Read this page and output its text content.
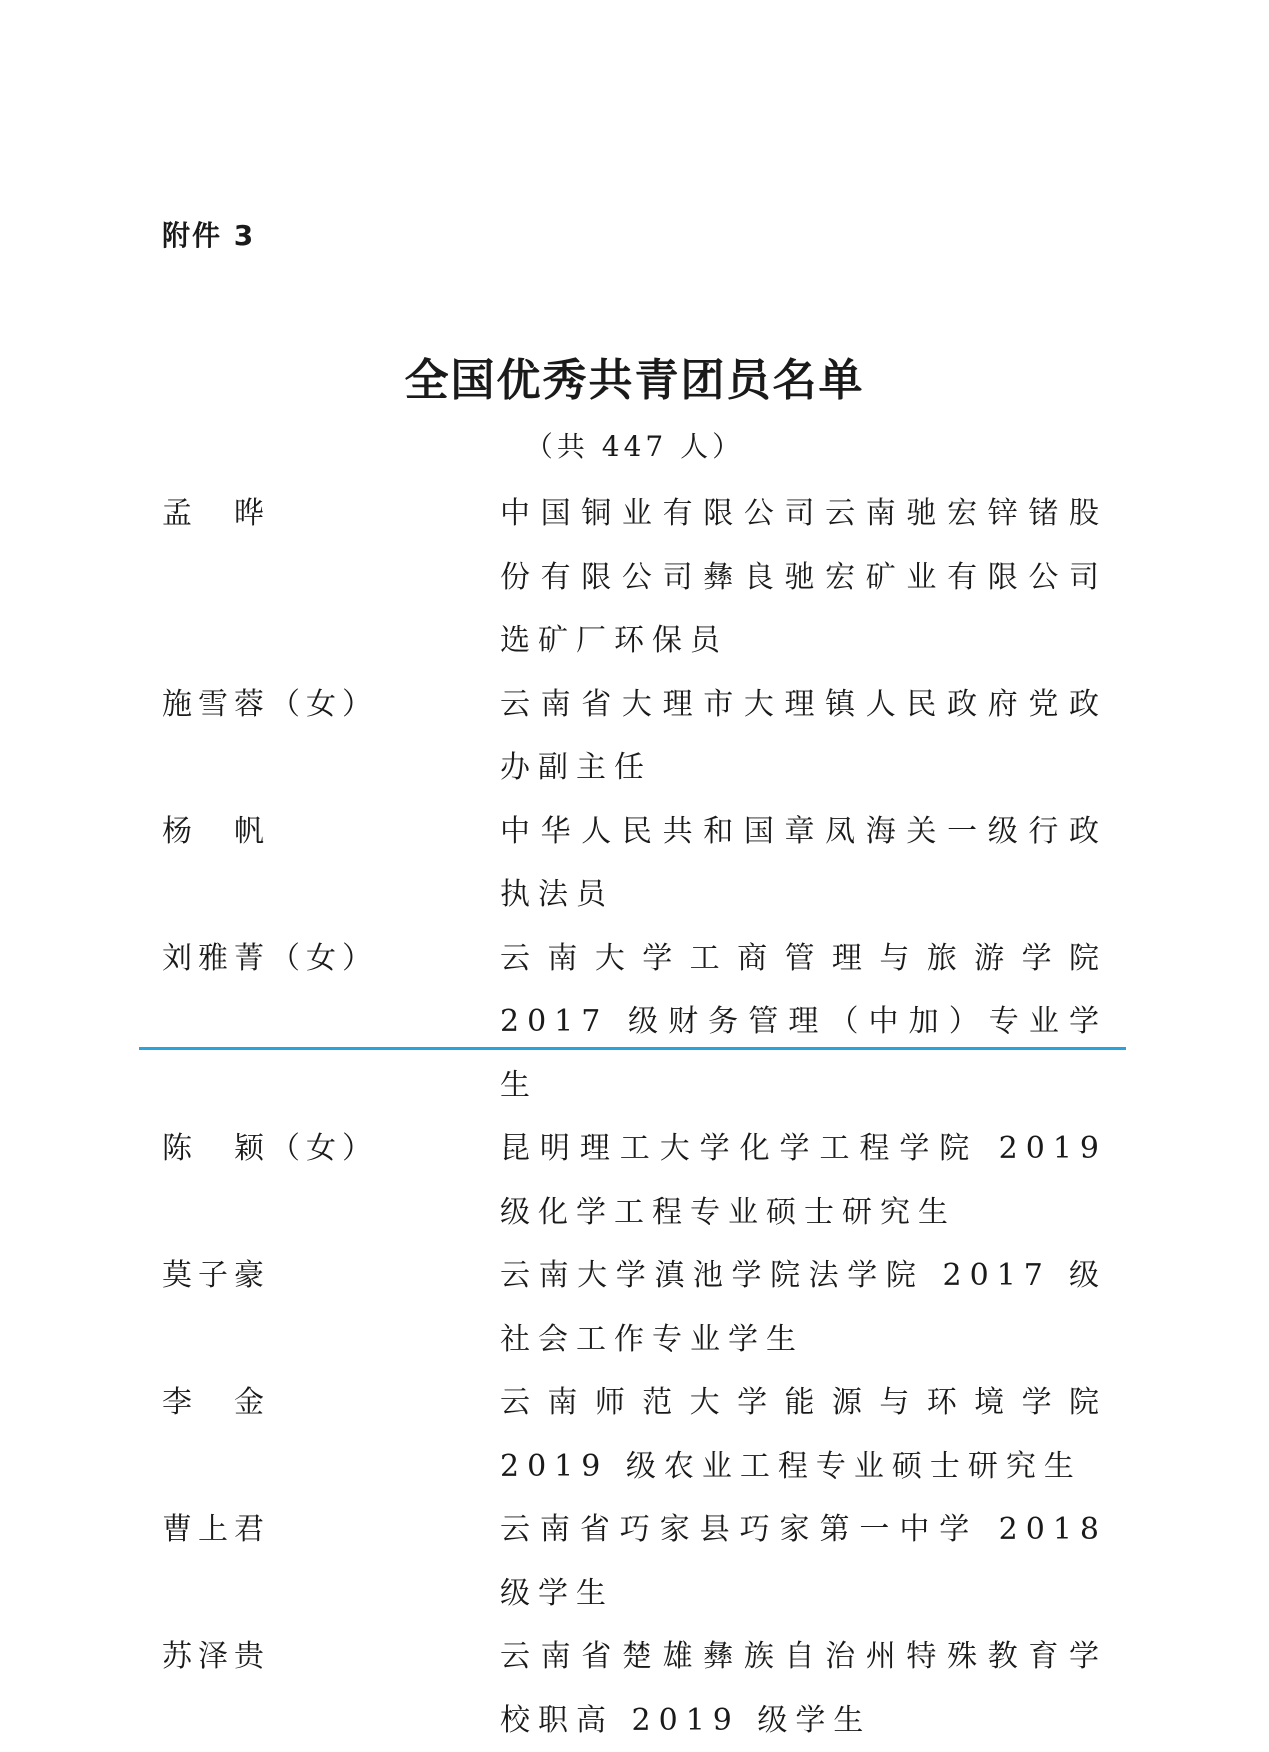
附件 3
全国优秀共青团员名单
（共 447 人）
孟　晔	中国铜业有限公司云南驰宏锌锗股份有限公司彝良驰宏矿业有限公司选矿厂环保员
施雪蓉（女）	云南省大理市大理镇人民政府党政办副主任
杨　帆	中华人民共和国章凤海关一级行政执法员
刘雅菁（女）	云南大学工商管理与旅游学院 2017 级财务管理（中加）专业学生
陈　颖（女）	昆明理工大学化学工程学院 2019 级化学工程专业硕士研究生
莫子豪	云南大学滇池学院法学院 2017 级社会工作专业学生
李　金	云南师范大学能源与环境学院 2019 级农业工程专业硕士研究生
曹上君	云南省巧家县巧家第一中学 2018 级学生
苏泽贵	云南省楚雄彝族自治州特殊教育学校职高 2019 级学生
